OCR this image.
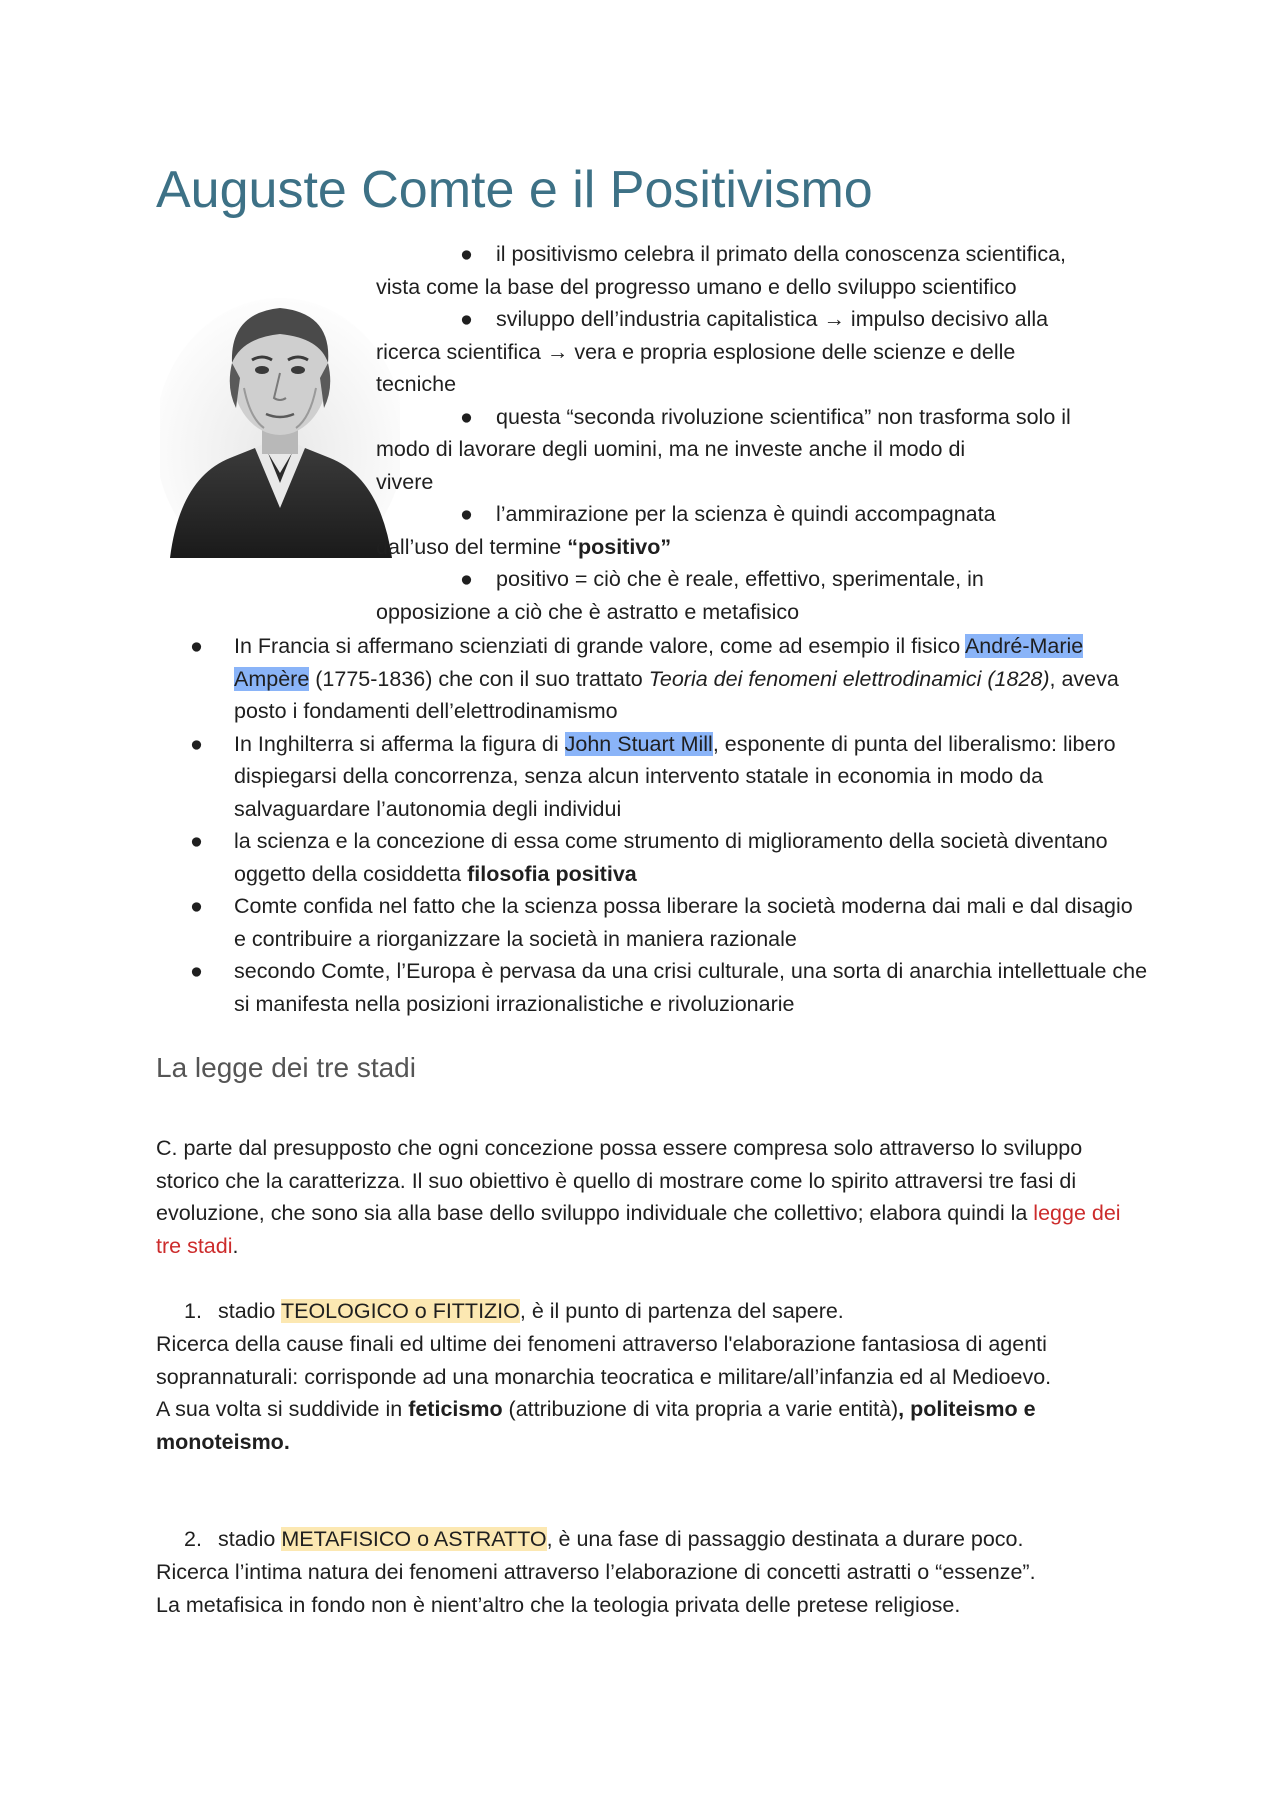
Auguste Comte e il Positivismo
●	il positivismo celebra il primato della conoscenza scientifica,
vista come la base del progresso umano e dello sviluppo scientifico
●	sviluppo dell’industria capitalistica → impulso decisivo alla
ricerca scientifica → vera e propria esplosione delle scienze e delle
tecniche
●	questa “seconda rivoluzione scientifica” non trasforma solo il
modo di lavorare degli uomini, ma ne investe anche il modo di
vivere
●	l’ammirazione per la scienza è quindi accompagnata
dall’uso del termine “positivo”
●	positivo = ciò che è reale, effettivo, sperimentale, in
opposizione a ciò che è astratto e metafisico
●	In Francia si affermano scienziati di grande valore, come ad esempio il fisico André-Marie Ampère (1775-1836) che con il suo trattato Teoria dei fenomeni elettrodinamici (1828), aveva posto i fondamenti dell’elettrodinamismo
●	In Inghilterra si afferma la figura di John Stuart Mill, esponente di punta del liberalismo: libero dispiegarsi della concorrenza, senza alcun intervento statale in economia in modo da salvaguardare l’autonomia degli individui
●	la scienza e la concezione di essa come strumento di miglioramento della società diventano oggetto della cosiddetta filosofia positiva
●	Comte confida nel fatto che la scienza possa liberare la società moderna dai mali e dal disagio e contribuire a riorganizzare la società in maniera razionale
●	secondo Comte, l’Europa è pervasa da una crisi culturale, una sorta di anarchia intellettuale che si manifesta nella posizioni irrazionalistiche e rivoluzionarie
La legge dei tre stadi
C. parte dal presupposto che ogni concezione possa essere compresa solo attraverso lo sviluppo storico che la caratterizza. Il suo obiettivo è quello di mostrare come lo spirito attraversi tre fasi di evoluzione, che sono sia alla base dello sviluppo individuale che collettivo; elabora quindi la legge dei tre stadi.
1. stadio TEOLOGICO o FITTIZIO, è il punto di partenza del sapere.
Ricerca della cause finali ed ultime dei fenomeni attraverso l'elaborazione fantasiosa di agenti soprannaturali: corrisponde ad una monarchia teocratica e militare/all’infanzia ed al Medioevo.
A sua volta si suddivide in feticismo (attribuzione di vita propria a varie entità), politeismo e monoteismo.
2. stadio METAFISICO o ASTRATTO, è una fase di passaggio destinata a durare poco.
Ricerca l’intima natura dei fenomeni attraverso l’elaborazione di concetti astratti o “essenze”.
La metafisica in fondo non è nient’altro che la teologia privata delle pretese religiose.
